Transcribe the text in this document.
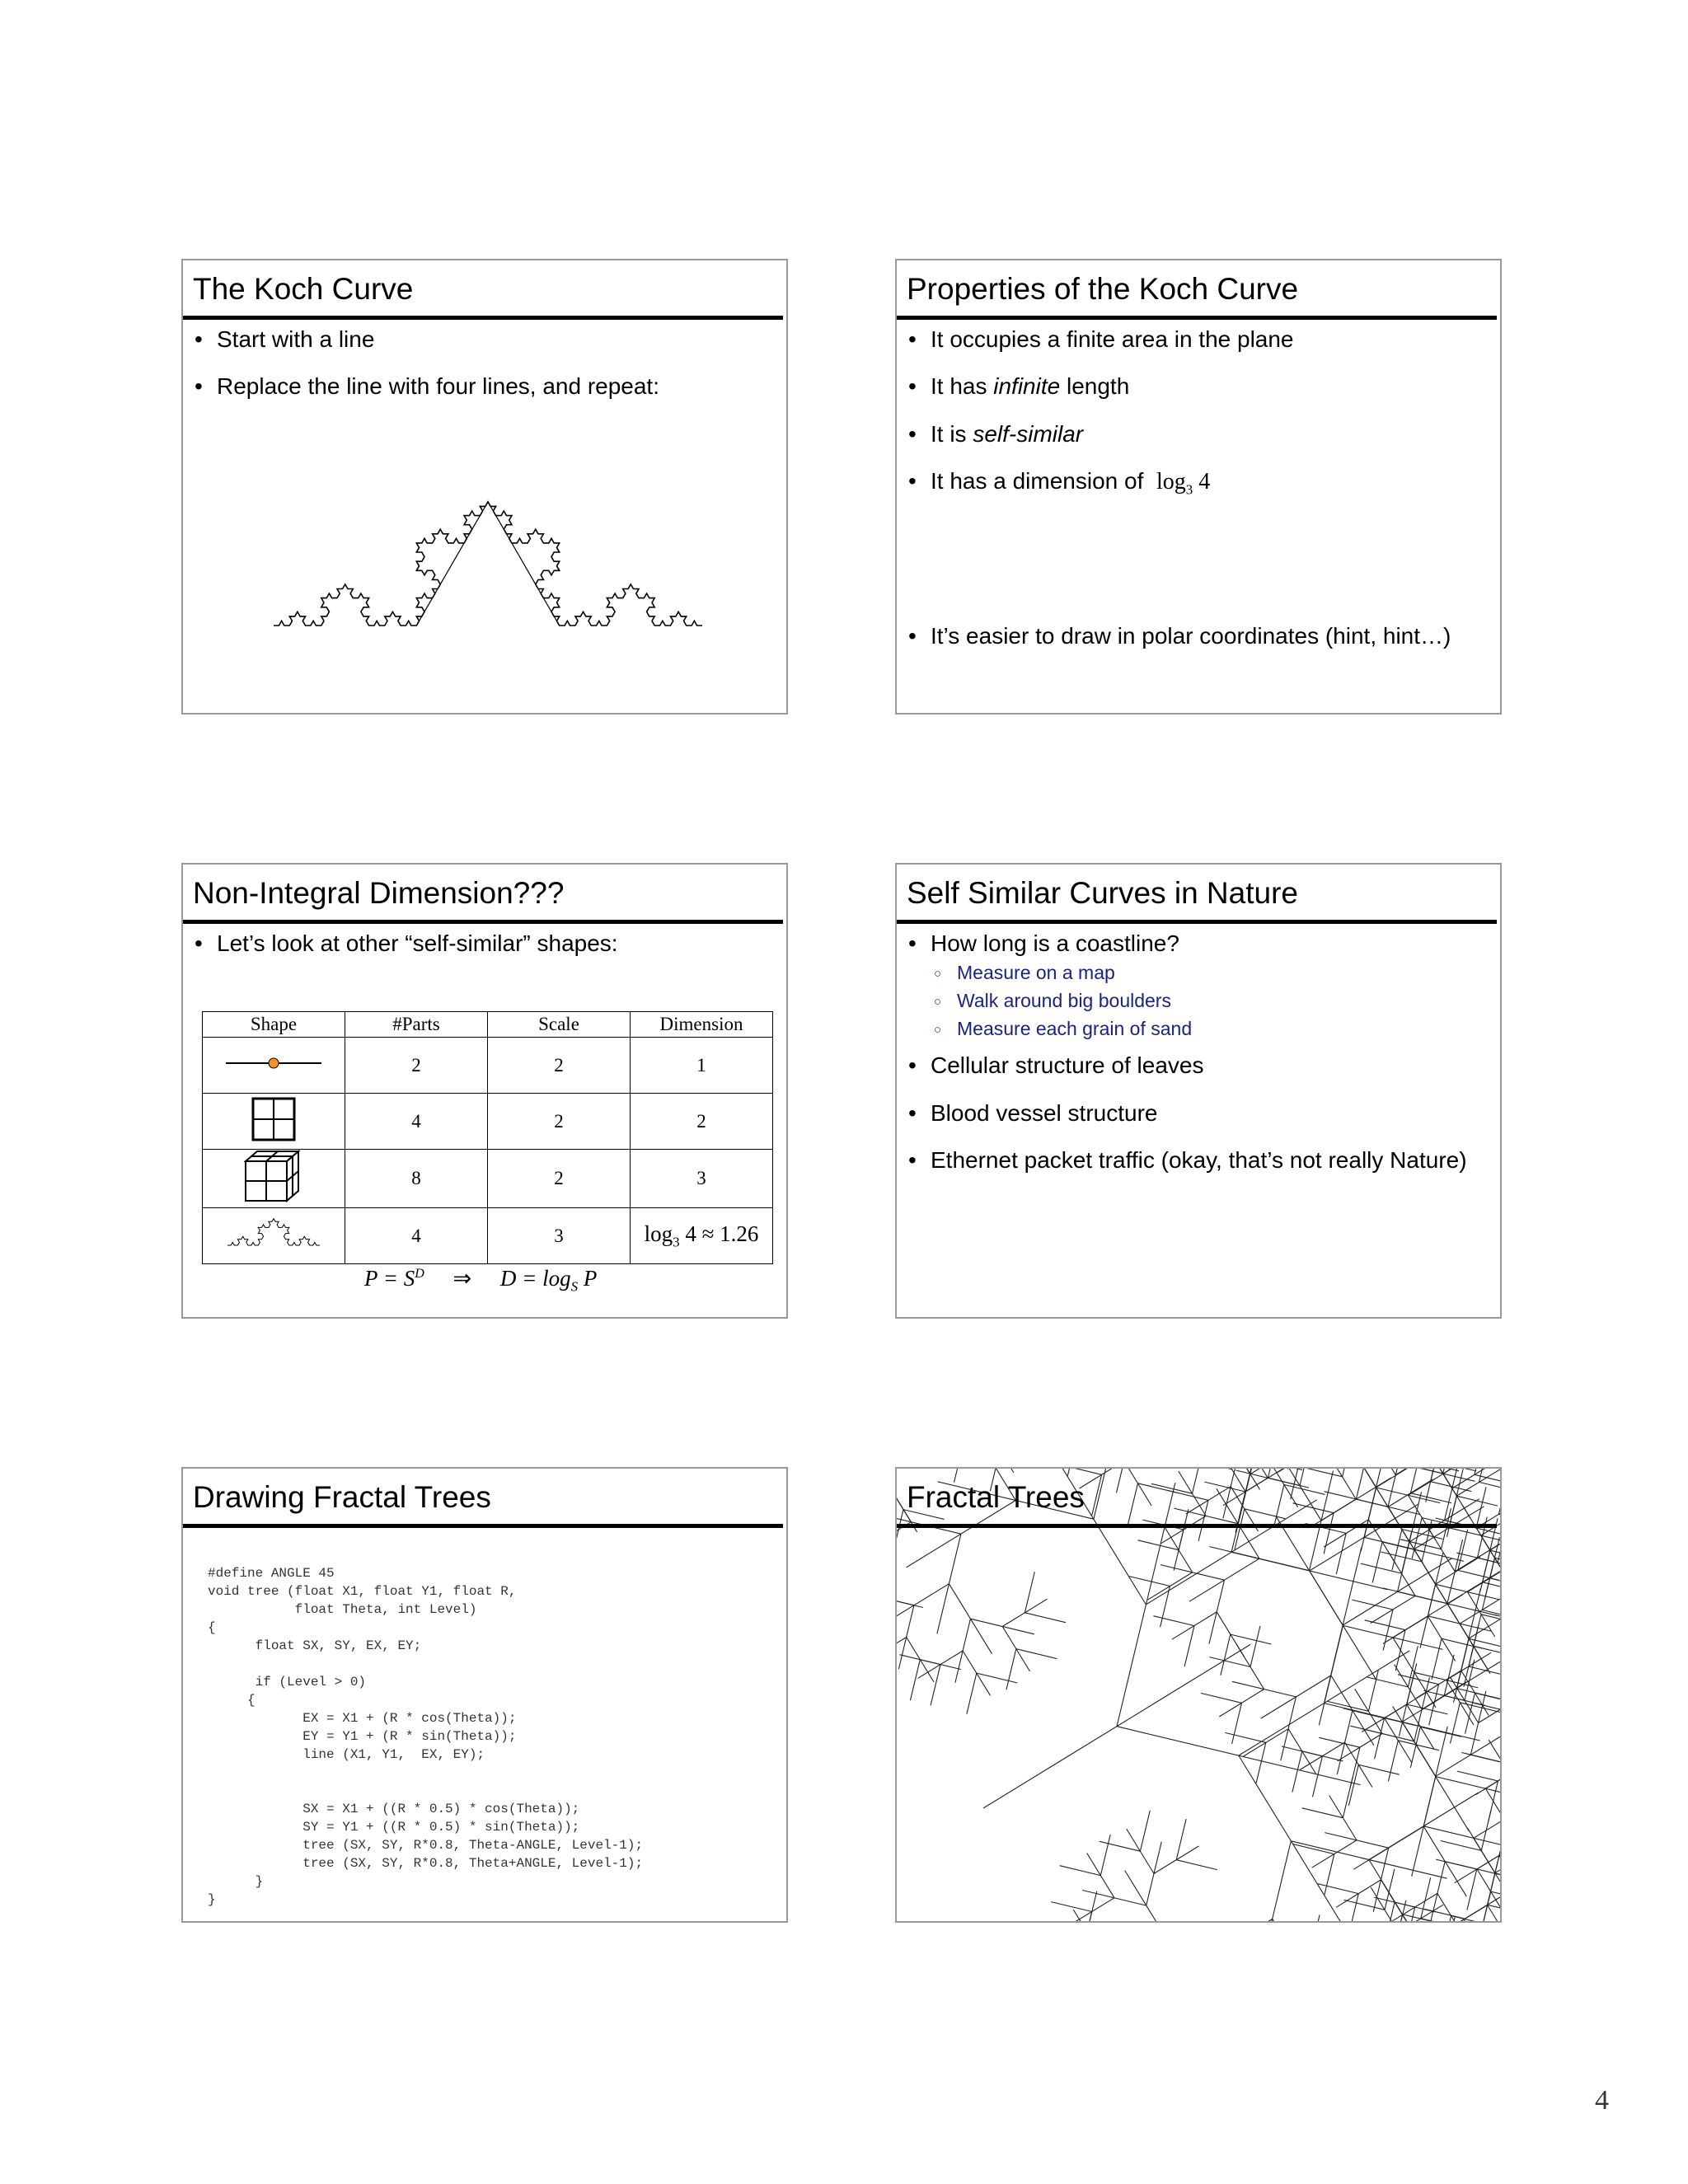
The Koch Curve
• Start with a line
• Replace the line with four lines, and repeat:
Properties of the Koch Curve
• It occupies a finite area in the plane
• It has infinite length
• It is self-similar
• It has a dimension of $\log_3 4$
• It’s easier to draw in polar coordinates (hint, hint…)
Non-Integral Dimension???
• Let’s look at other “self-similar” shapes:
Shape	#Parts	Scale	Dimension
	2	2	1
	4	2	2
	8	2	3
	4	3	$\log_3 4 \approx 1.26$
$P = S^D$ ⇒ $D = \log_S P$
Self Similar Curves in Nature
• How long is a coastline?
○ Measure on a map
○ Walk around big boulders
○ Measure each grain of sand
• Cellular structure of leaves
• Blood vessel structure
• Ethernet packet traffic (okay, that’s not really Nature)
Drawing Fractal Trees
#define ANGLE 45
void tree (float X1, float Y1, float R,
float Theta, int Level)
{
float SX, SY, EX, EY;

if (Level > 0)
{
EX = X1 + (R * cos(Theta));
EY = Y1 + (R * sin(Theta));
line (X1, Y1,  EX, EY);

SX = X1 + ((R * 0.5) * cos(Theta));
SY = Y1 + ((R * 0.5) * sin(Theta));
tree (SX, SY, R*0.8, Theta-ANGLE, Level-1);
tree (SX, SY, R*0.8, Theta+ANGLE, Level-1);
}
}
Fractal Trees
4
